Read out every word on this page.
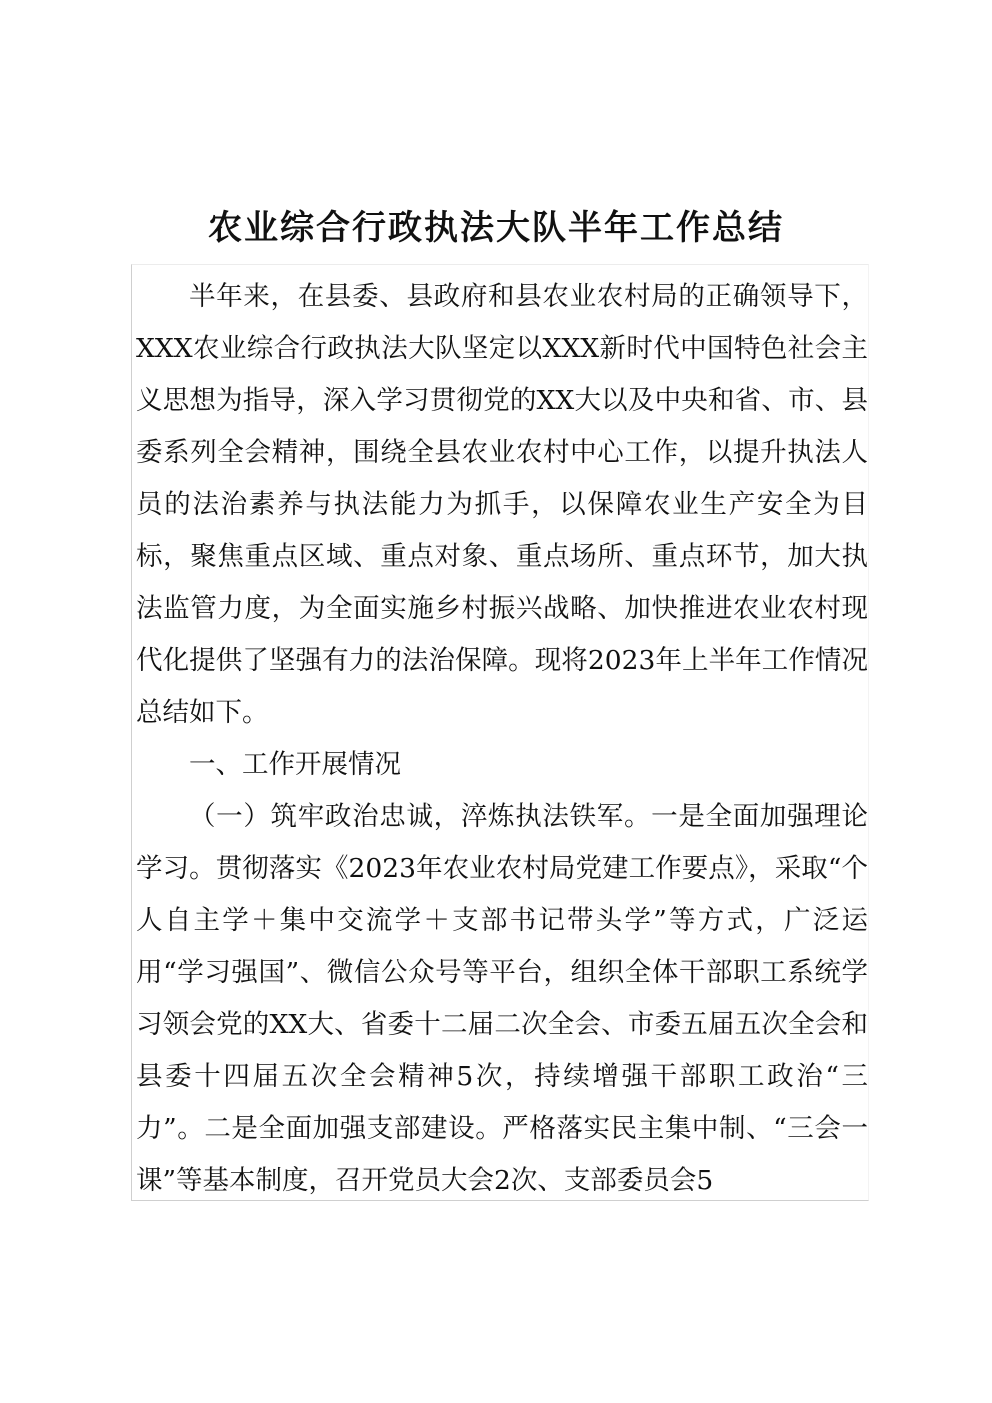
农业综合行政执法大队半年工作总结

半年来，在县委、县政府和县农业农村局的正确领导下，XXX农业综合行政执法大队坚定以XXX新时代中国特色社会主义思想为指导，深入学习贯彻党的XX大以及中央和省、市、县委系列全会精神，围绕全县农业农村中心工作，以提升执法人员的法治素养与执法能力为抓手，以保障农业生产安全为目标，聚焦重点区域、重点对象、重点场所、重点环节，加大执法监管力度，为全面实施乡村振兴战略、加快推进农业农村现代化提供了坚强有力的法治保障。现将2023年上半年工作情况总结如下。

一、工作开展情况

（一）筑牢政治忠诚，淬炼执法铁军。一是全面加强理论学习。贯彻落实《2023年农业农村局党建工作要点》，采取“个人自主学＋集中交流学＋支部书记带头学”等方式，广泛运用“学习强国”、微信公众号等平台，组织全体干部职工系统学习领会党的XX大、省委十二届二次全会、市委五届五次全会和县委十四届五次全会精神5次，持续增强干部职工政治“三力”。二是全面加强支部建设。严格落实民主集中制、“三会一课”等基本制度，召开党员大会2次、支部委员会5
